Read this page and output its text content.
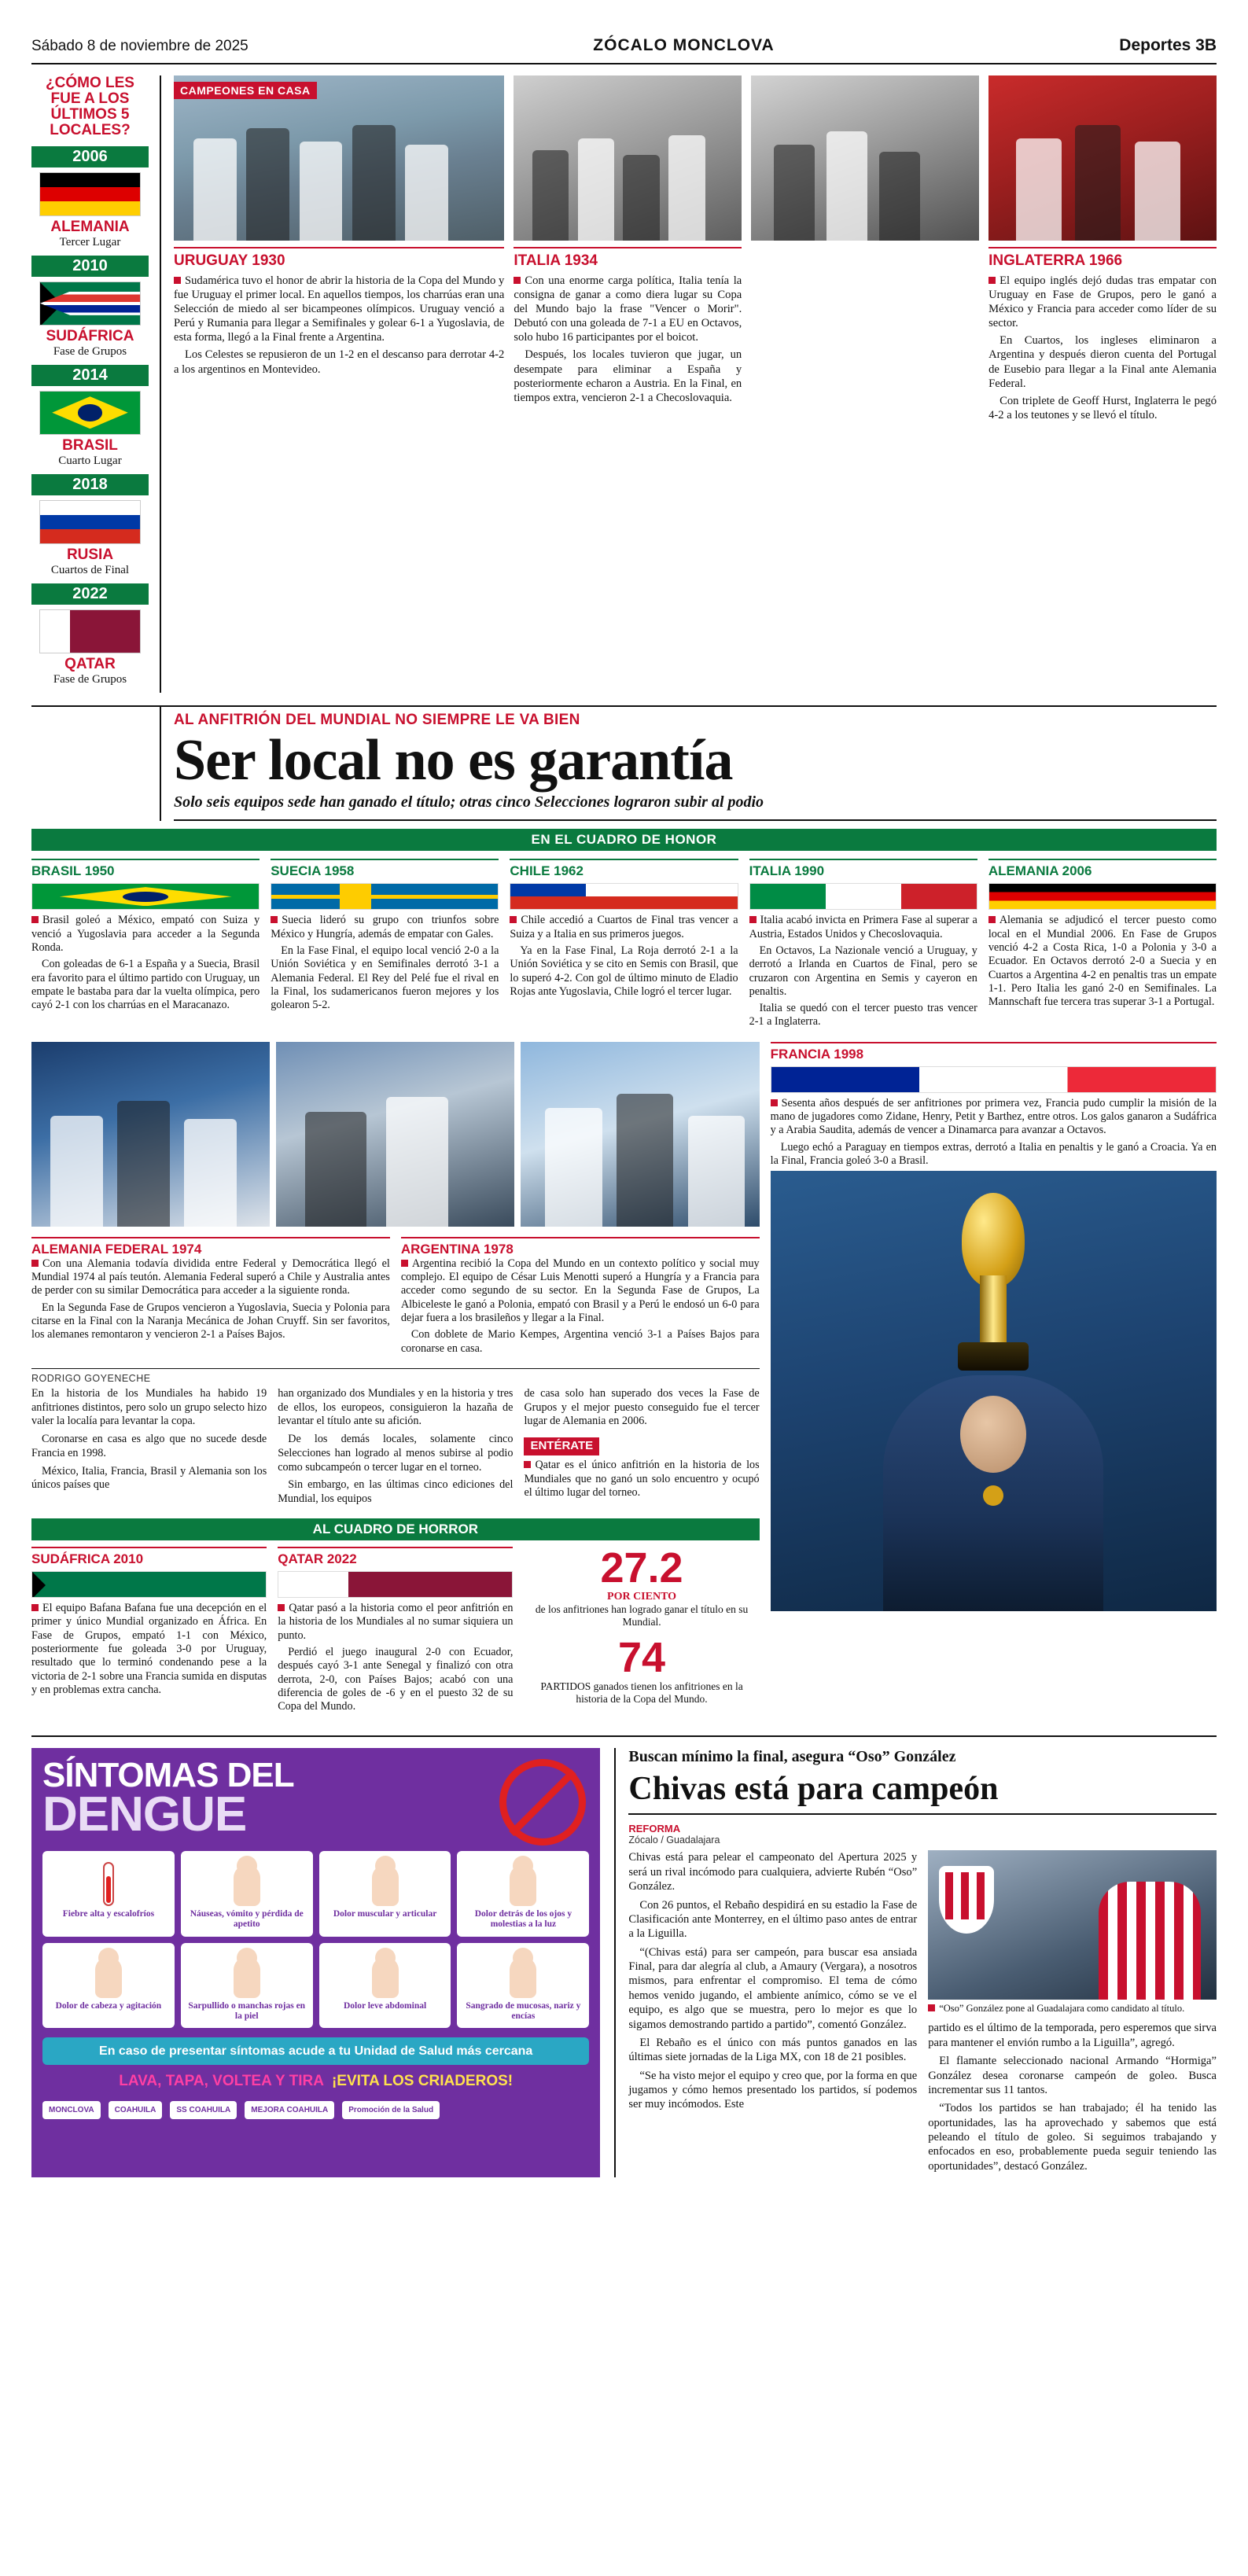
Sábado 8 de noviembre de 2025	ZÓCALO MONCLOVA	Deportes 3B
¿CÓMO LES FUE A LOS ÚLTIMOS 5 LOCALES?
2006
ALEMANIA
Tercer Lugar
2010
SUDÁFRICA
Fase de Grupos
2014
BRASIL
Cuarto Lugar
2018
RUSIA
Cuartos de Final
2022
QATAR
Fase de Grupos
CAMPEONES EN CASA
URUGUAY 1930

Sudamérica tuvo el honor de abrir la historia de la Copa del Mundo y fue Uruguay el primer local. En aquellos tiempos, los charrúas eran una Selección de miedo al ser bicampeones olímpicos. Uruguay venció a Perú y Rumania para llegar a Semifinales y golear 6-1 a Yugoslavia, de esta forma, llegó a la Final frente a Argentina.

Los Celestes se repusieron de un 1-2 en el descanso para derrotar 4-2 a los argentinos en Montevideo.

ITALIA 1934

Con una enorme carga política, Italia tenía la consigna de ganar a como diera lugar su Copa del Mundo bajo la frase "Vencer o Morir". Debutó con una goleada de 7-1 a EU en Octavos, solo hubo 16 participantes por el boicot.

Después, los locales tuvieron que jugar, un desempate para eliminar a España y posteriormente echaron a Austria. En la Final, en tiempos extra, vencieron 2-1 a Checoslovaquia.

INGLATERRA 1966

El equipo inglés dejó dudas tras empatar con Uruguay en Fase de Grupos, pero le ganó a México y Francia para acceder como líder de su sector.

En Cuartos, los ingleses eliminaron a Argentina y después dieron cuenta del Portugal de Eusebio para llegar a la Final ante Alemania Federal.

Con triplete de Geoff Hurst, Inglaterra le pegó 4-2 a los teutones y se llevó el título.

AL ANFITRIÓN DEL MUNDIAL NO SIEMPRE LE VA BIEN
Ser local no es garantía
Solo seis equipos sede han ganado el título; otras cinco Selecciones lograron subir al podio
EN EL CUADRO DE HONOR
BRASIL 1950

Brasil goleó a México, empató con Suiza y venció a Yugoslavia para acceder a la Segunda Ronda.

Con goleadas de 6-1 a España y a Suecia, Brasil era favorito para el último partido con Uruguay, un empate le bastaba para dar la vuelta olímpica, pero cayó 2-1 con los charrúas en el Maracanazo.

SUECIA 1958

Suecia lideró su grupo con triunfos sobre México y Hungría, además de empatar con Gales.

En la Fase Final, el equipo local venció 2-0 a la Unión Soviética y en Semifinales derrotó 3-1 a Alemania Federal. El Rey del Pelé fue el rival en la Final, los sudamericanos fueron mejores y los golearon 5-2.

CHILE 1962

Chile accedió a Cuartos de Final tras vencer a Suiza y a Italia en sus primeros juegos.

Ya en la Fase Final, La Roja derrotó 2-1 a la Unión Soviética y se cito en Semis con Brasil, que lo superó 4-2. Con gol de último minuto de Eladio Rojas ante Yugoslavia, Chile logró el tercer lugar.

ITALIA 1990

Italia acabó invicta en Primera Fase al superar a Austria, Estados Unidos y Checoslovaquia.

En Octavos, La Nazionale venció a Uruguay, y derrotó a Irlanda en Cuartos de Final, pero se cruzaron con Argentina en Semis y cayeron en penaltis.

Italia se quedó con el tercer puesto tras vencer 2-1 a Inglaterra.

ALEMANIA 2006

Alemania se adjudicó el tercer puesto como local en el Mundial 2006. En Fase de Grupos venció 4-2 a Costa Rica, 1-0 a Polonia y 3-0 a Ecuador. En Octavos derrotó 2-0 a Suecia y en Cuartos a Argentina 4-2 en penaltis tras un empate 1-1. Pero Italia les ganó 2-0 en Semifinales. La Mannschaft fue tercera tras superar 3-1 a Portugal.

ALEMANIA FEDERAL 1974

Con una Alemania todavía dividida entre Federal y Democrática llegó el Mundial 1974 al país teutón. Alemania Federal superó a Chile y Australia antes de perder con su similar Democrática para acceder a la siguiente ronda.

En la Segunda Fase de Grupos vencieron a Yugoslavia, Suecia y Polonia para citarse en la Final con la Naranja Mecánica de Johan Cruyff. Sin ser favoritos, los alemanes remontaron y vencieron 2-1 a Países Bajos.

ARGENTINA 1978

Argentina recibió la Copa del Mundo en un contexto político y social muy complejo. El equipo de César Luis Menotti superó a Hungría y a Francia para acceder como segundo de su sector. En la Segunda Fase de Grupos, La Albiceleste le ganó a Polonia, empató con Brasil y a Perú le endosó un 6-0 para dejar fuera a los brasileños y llegar a la Final.

Con doblete de Mario Kempes, Argentina venció 3-1 a Países Bajos para coronarse en casa.

RODRIGO GOYENECHE

En la historia de los Mundiales ha habido 19 anfitriones distintos, pero solo un grupo selecto hizo valer la localía para levantar la copa.

Coronarse en casa es algo que no sucede desde Francia en 1998.

México, Italia, Francia, Brasil y Alemania son los únicos países que

han organizado dos Mundiales y en la historia y tres de ellos, los europeos, consiguieron la hazaña de levantar el título ante su afición.

De los demás locales, solamente cinco Selecciones han logrado al menos subirse al podio como subcampeón o tercer lugar en el torneo.

Sin embargo, en las últimas cinco ediciones del Mundial, los equipos

de casa solo han superado dos veces la Fase de Grupos y el mejor puesto conseguido fue el tercer lugar de Alemania en 2006.

ENTÉRATE

Qatar es el único anfitrión en la historia de los Mundiales que no ganó un solo encuentro y ocupó el último lugar del torneo.

AL CUADRO DE HORROR
SUDÁFRICA 2010

El equipo Bafana Bafana fue una decepción en el primer y único Mundial organizado en África. En Fase de Grupos, empató 1-1 con México, posteriormente fue goleada 3-0 por Uruguay, resultado que lo terminó condenando pese a la victoria de 2-1 sobre una Francia sumida en disputas y en problemas extra cancha.

QATAR 2022

Qatar pasó a la historia como el peor anfitrión en la historia de los Mundiales al no sumar siquiera un punto.

Perdió el juego inaugural 2-0 con Ecuador, después cayó 3-1 ante Senegal y finalizó con otra derrota, 2-0, con Países Bajos; acabó con una diferencia de goles de -6 y en el puesto 32 de su Copa del Mundo.

27.2
POR CIENTO
de los anfitriones han logrado ganar el título en su Mundial.
74
PARTIDOS ganados tienen los anfitriones en la historia de la Copa del Mundo.
FRANCIA 1998

Sesenta años después de ser anfitriones por primera vez, Francia pudo cumplir la misión de la mano de jugadores como Zidane, Henry, Petit y Barthez, entre otros. Los galos ganaron a Sudáfrica y a Arabia Saudita, además de vencer a Dinamarca para avanzar a Octavos.

Luego echó a Paraguay en tiempos extras, derrotó a Italia en penaltis y le ganó a Croacia. Ya en la Final, Francia goleó 3-0 a Brasil.

SÍNTOMAS DEL
DENGUE
Fiebre alta y escalofríos	Náuseas, vómito y pérdida de apetito
Dolor muscular y articular	Dolor detrás de los ojos y molestias a la luz
Dolor de cabeza y agitación	Sarpullido o manchas rojas en la piel
Dolor leve abdominal	Sangrado de mucosas, nariz y encías
En caso de presentar síntomas acude a tu Unidad de Salud más cercana
LAVA, TAPA, VOLTEA Y TIRA ¡EVITA LOS CRIADEROS!
MONCLOVA	COAHUILA	SS COAHUILA	MEJORA COAHUILA	Promoción de la Salud
Buscan mínimo la final, asegura “Oso” González
Chivas está para campeón
REFORMA
Zócalo / Guadalajara

Chivas está para pelear el campeonato del Apertura 2025 y será un rival incómodo para cualquiera, advierte Rubén “Oso” González.

Con 26 puntos, el Rebaño despidirá en su estadio la Fase de Clasificación ante Monterrey, en el último paso antes de entrar a la Liguilla.

“(Chivas está) para ser campeón, para buscar esa ansiada Final, para dar alegría al club, a Amaury (Vergara), a nosotros mismos, para enfrentar el compromiso. El tema de cómo hemos venido jugando, el ambiente anímico, cómo se ve el equipo, es algo que se muestra, pero lo mejor es que lo sigamos demostrando partido a partido”, comentó González.

El Rebaño es el único con más puntos ganados en las últimas siete jornadas de la Liga MX, con 18 de 21 posibles.

“Se ha visto mejor el equipo y creo que, por la forma en que jugamos y cómo hemos presentado los partidos, sí podemos ser muy incómodos. Este

“Oso” González pone al Guadalajara como candidato al título.

partido es el último de la temporada, pero esperemos que sirva para mantener el envión rumbo a la Liguilla”, agregó.

El flamante seleccionado nacional Armando “Hormiga” González desea coronarse campeón de goleo. Busca incrementar sus 11 tantos.

“Todos los partidos se han trabajado; él ha tenido las oportunidades, las ha aprovechado y sabemos que está peleando el título de goleo. Si seguimos trabajando y enfocados en eso, probablemente pueda seguir teniendo las oportunidades”, destacó González.
